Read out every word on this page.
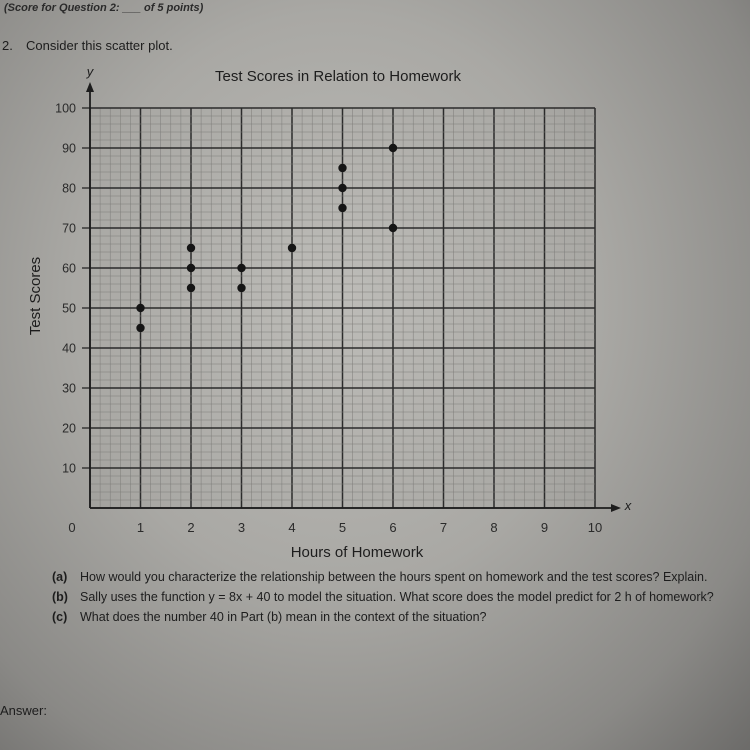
(Score for Question 2: ___ of 5 points)
2. Consider this scatter plot.
Test Scores in Relation to Homework
Hours of Homework
Test Scores
y
x
0	1	2	3	4	5	6	7	8	9	10
10
20
30
40
50
60
70
80
90
100
(a)	How would you characterize the relationship between the hours spent on homework and the test scores? Explain.
(b) Sally uses the function y = 8x + 40 to model the situation. What score does the model predict for 2 h of homework?
(c)	What does the number 40 in Part (b) mean in the context of the situation?
Answer:
